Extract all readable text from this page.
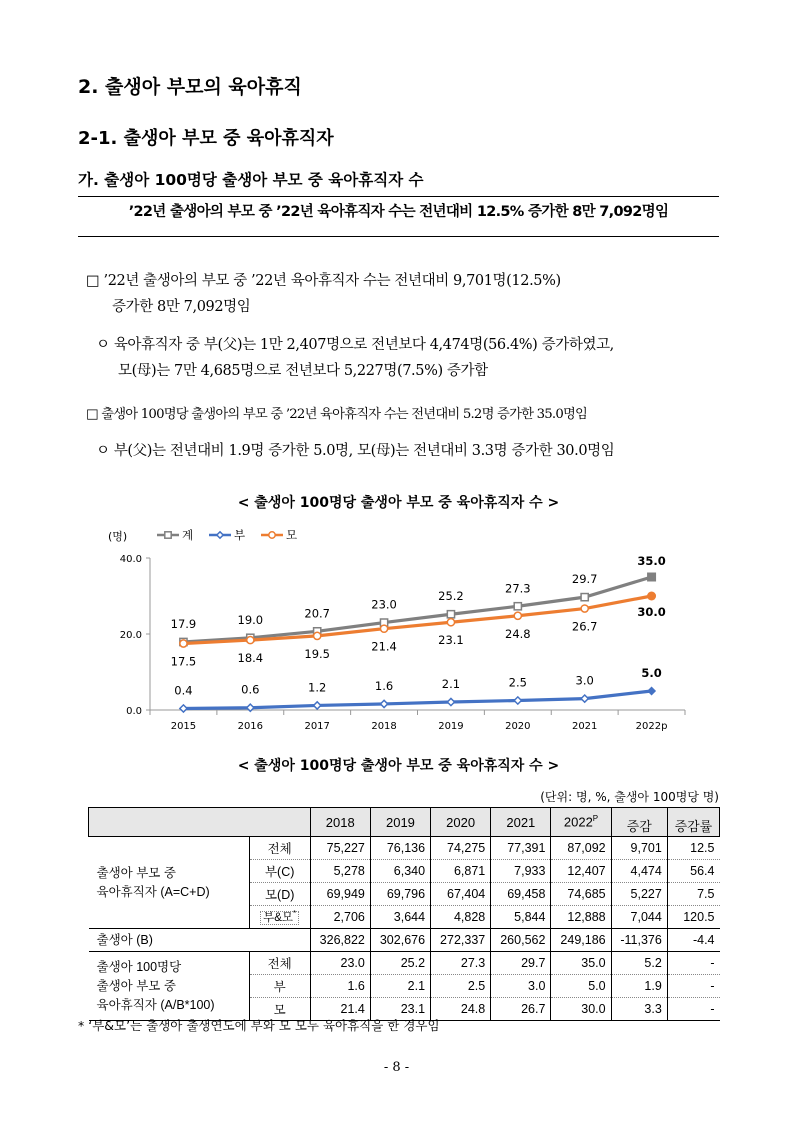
2. 출생아 부모의 육아휴직
2-1. 출생아 부모 중 육아휴직자
가. 출생아 100명당 출생아 부모 중 육아휴직자 수
’22년 출생아의 부모 중 ’22년 육아휴직자 수는 전년대비 12.5% 증가한 8만 7,092명임
□ ’22년 출생아의 부모 중 ’22년 육아휴직자 수는 전년대비 9,701명(12.5%)
증가한 8만 7,092명임
ㅇ 육아휴직자 중 부(父)는 1만 2,407명으로 전년보다 4,474명(56.4%) 증가하였고,
모(母)는 7만 4,685명으로 전년보다 5,227명(7.5%) 증가함
□ 출생아 100명당 출생아의 부모 중 ’22년 육아휴직자 수는 전년대비 5.2명 증가한 35.0명임
ㅇ 부(父)는 전년대비 1.9명 증가한 5.0명, 모(母)는 전년대비 3.3명 증가한 30.0명임
< 출생아 100명당 출생아 부모 중 육아휴직자 수 >
(명)	계	부	모
0.0
20.0
40.0
2015	2016	2017	2018	2019	2020	2021	2022p
17.9	19.0	20.7
23.0
25.2
27.3
29.7
35.0
0.4	0.6	1.2	1.6	2.1	2.5	3.0
5.0
17.5	18.4	19.5
21.4	23.1	24.8
26.7
30.0
< 출생아 100명당 출생아 부모 중 육아휴직자 수 >
(단위: 명, %, 출생아 100명당 명)
		2018	2019	2020	2021	$2022^P$	증감	증감률

출생아 부모 중
육아휴직자 (A=C+D)	전체	75,227	76,136	74,275	77,391	87,092	9,701	12.5
	부(C)	5,278	6,340	6,871	7,933	12,407	4,474	56.4
	모(D)	69,949	69,796	67,404	69,458	74,685	5,227	7.5
	부&모*	2,706	3,644	4,828	5,844	12,888	7,044	120.5
출생아 (B)		326,822	302,676	272,337	260,562	249,186	-11,376	-4.4

출생아 100명당
출생아 부모 중
육아휴직자 (A/B*100)	전체	23.0	25.2	27.3	29.7	35.0	5.2	-
	부	1.6	2.1	2.5	3.0	5.0	1.9	-
	모	21.4	23.1	24.8	26.7	30.0	3.3	-
* ‘부&모’는 출생아 출생연도에 부와 모 모두 육아휴직을 한 경우임
- 8 -
